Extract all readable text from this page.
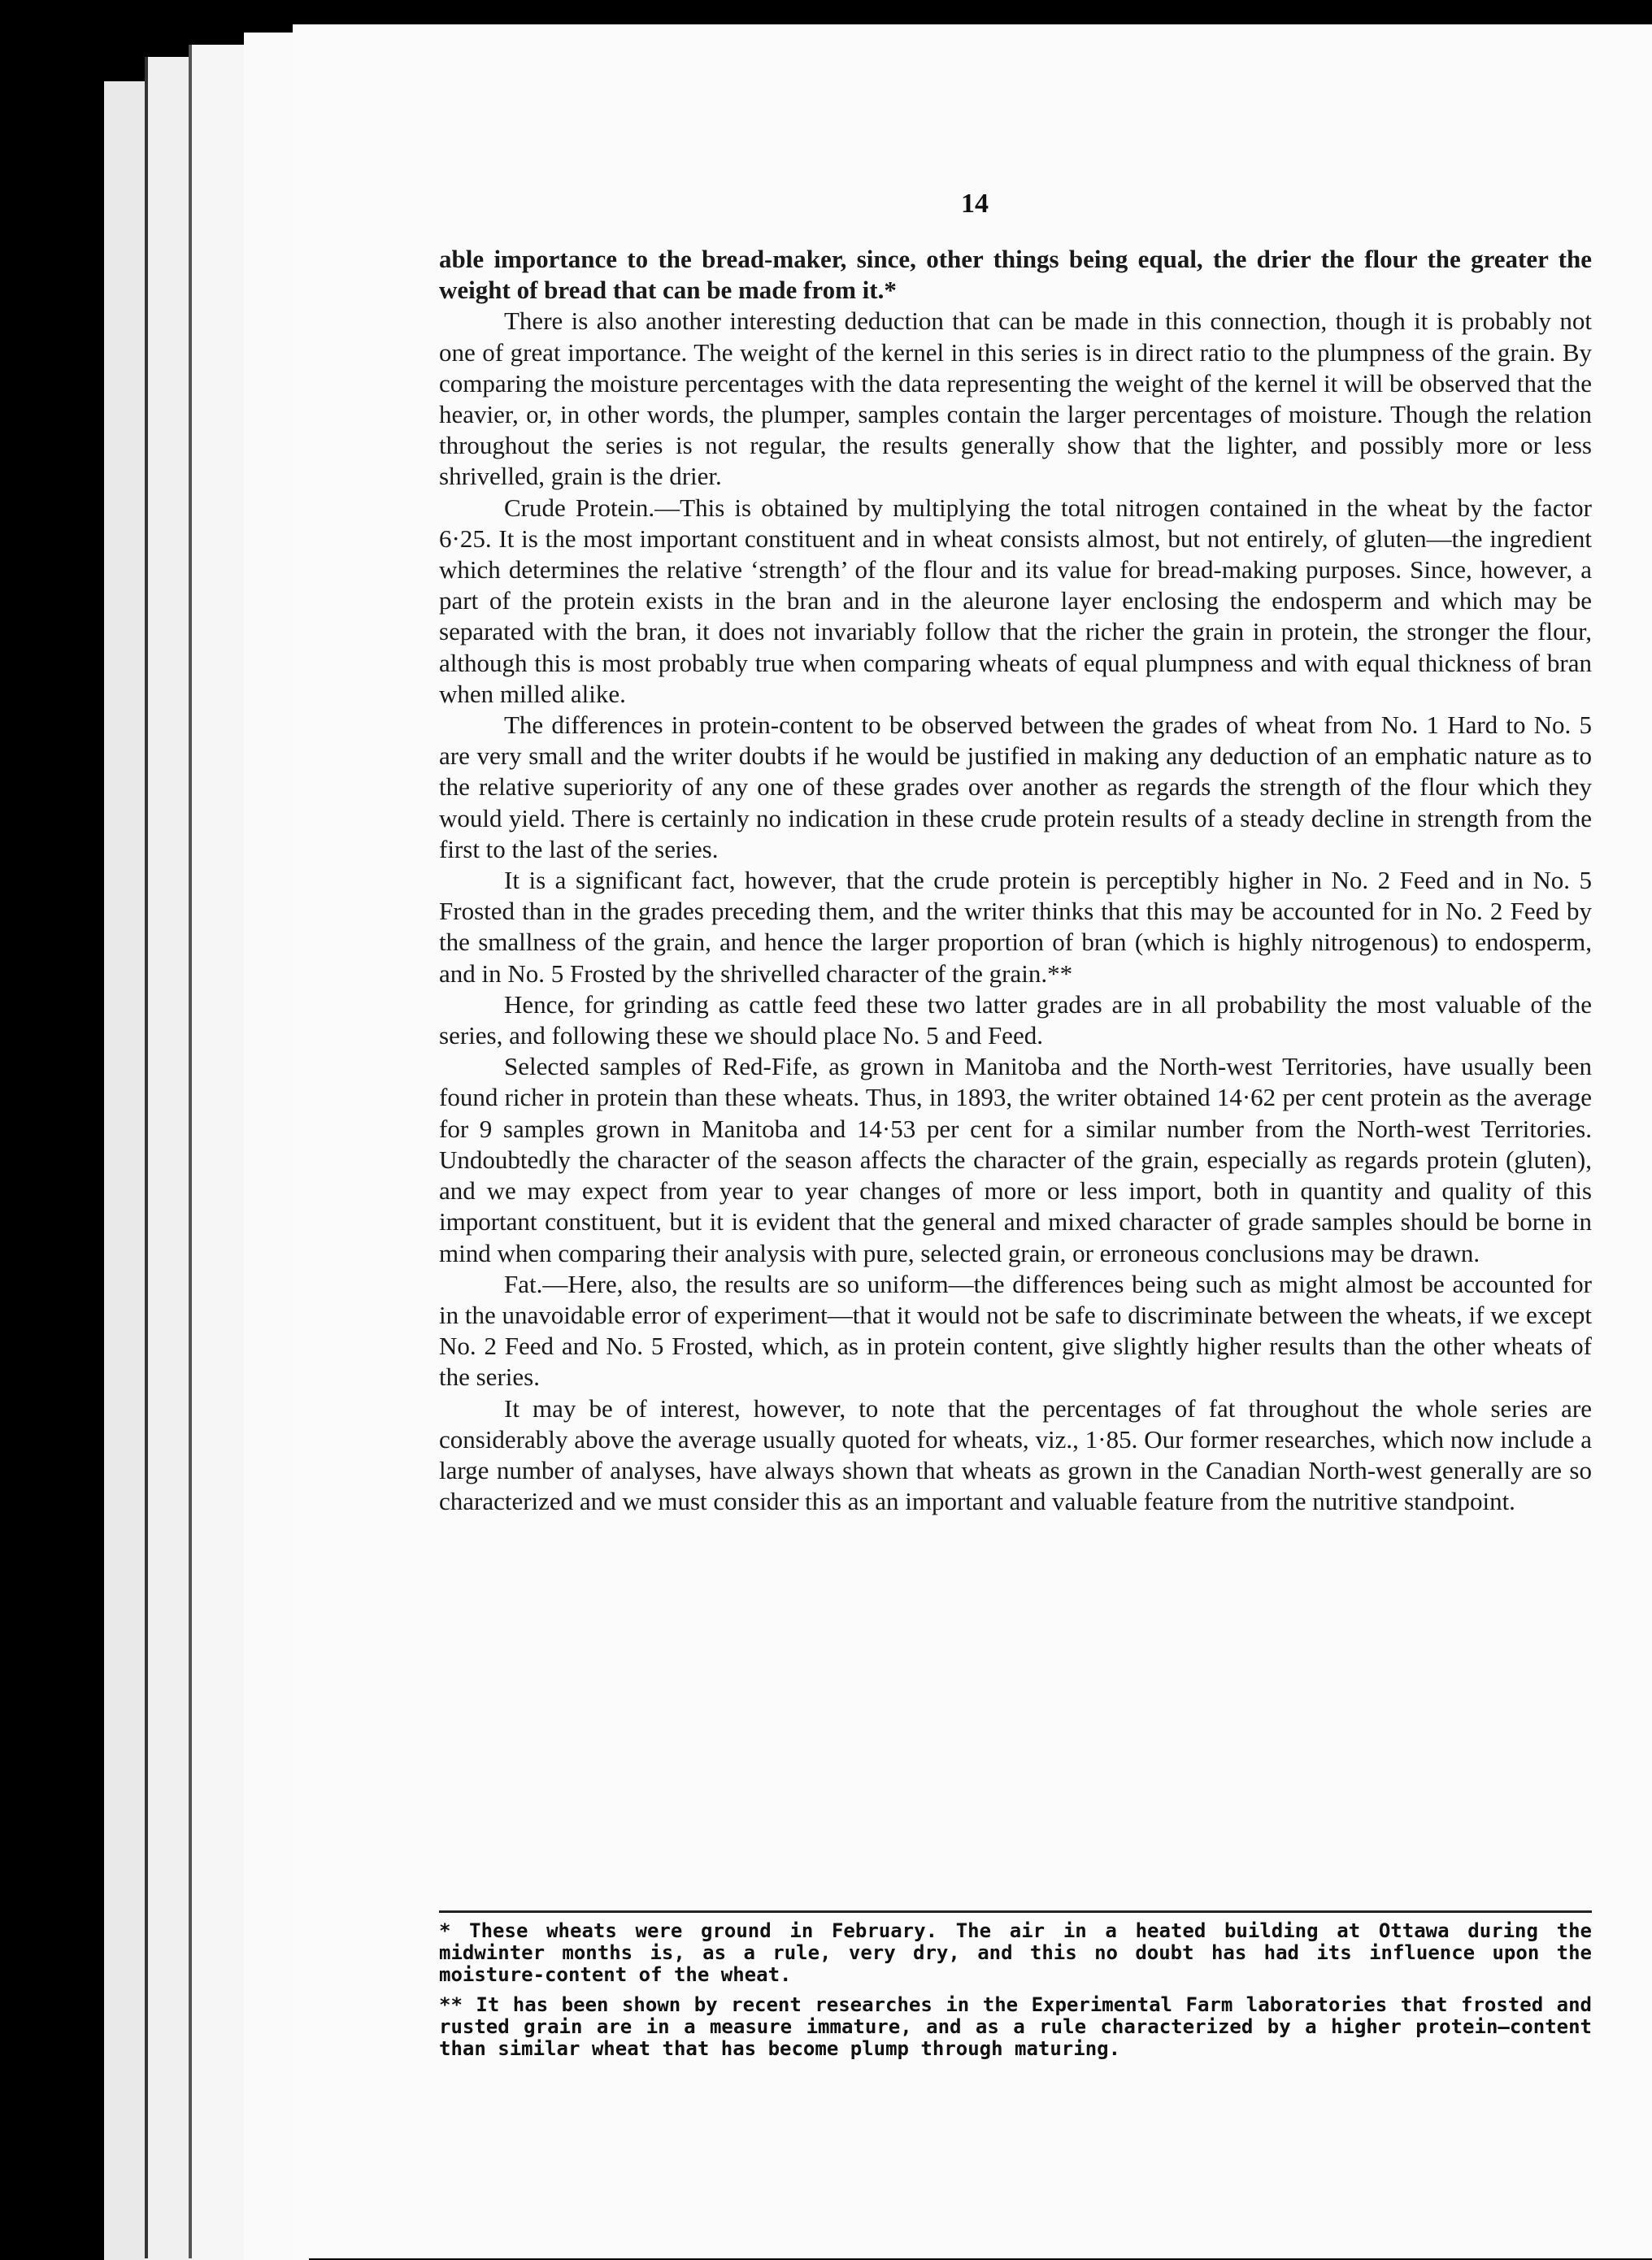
14

able importance to the bread-maker, since, other things being equal, the drier the flour the greater the weight of bread that can be made from it.*

There is also another interesting deduction that can be made in this connection, though it is probably not one of great importance. The weight of the kernel in this series is in direct ratio to the plumpness of the grain. By comparing the moisture percentages with the data representing the weight of the kernel it will be observed that the heavier, or, in other words, the plumper, samples contain the larger percentages of moisture. Though the relation throughout the series is not regular, the results generally show that the lighter, and possibly more or less shrivelled, grain is the drier.

Crude Protein.—This is obtained by multiplying the total nitrogen contained in the wheat by the factor 6·25. It is the most important constituent and in wheat consists almost, but not entirely, of gluten—the ingredient which determines the relative ‘strength’ of the flour and its value for bread-making purposes. Since, however, a part of the protein exists in the bran and in the aleurone layer enclosing the endosperm and which may be separated with the bran, it does not invariably follow that the richer the grain in protein, the stronger the flour, although this is most probably true when comparing wheats of equal plumpness and with equal thickness of bran when milled alike.

The differences in protein-content to be observed between the grades of wheat from No. 1 Hard to No. 5 are very small and the writer doubts if he would be justified in making any deduction of an emphatic nature as to the relative superiority of any one of these grades over another as regards the strength of the flour which they would yield. There is certainly no indication in these crude protein results of a steady decline in strength from the first to the last of the series.

It is a significant fact, however, that the crude protein is perceptibly higher in No. 2 Feed and in No. 5 Frosted than in the grades preceding them, and the writer thinks that this may be accounted for in No. 2 Feed by the smallness of the grain, and hence the larger proportion of bran (which is highly nitrogenous) to endosperm, and in No. 5 Frosted by the shrivelled character of the grain.**

Hence, for grinding as cattle feed these two latter grades are in all probability the most valuable of the series, and following these we should place No. 5 and Feed.

Selected samples of Red-Fife, as grown in Manitoba and the North-west Territories, have usually been found richer in protein than these wheats. Thus, in 1893, the writer obtained 14·62 per cent protein as the average for 9 samples grown in Manitoba and 14·53 per cent for a similar number from the North-west Territories. Undoubtedly the character of the season affects the character of the grain, especially as regards protein (gluten), and we may expect from year to year changes of more or less import, both in quantity and quality of this important constituent, but it is evident that the general and mixed character of grade samples should be borne in mind when comparing their analysis with pure, selected grain, or erroneous conclusions may be drawn.

Fat.—Here, also, the results are so uniform—the differences being such as might almost be accounted for in the unavoidable error of experiment—that it would not be safe to discriminate between the wheats, if we except No. 2 Feed and No. 5 Frosted, which, as in protein content, give slightly higher results than the other wheats of the series.

It may be of interest, however, to note that the percentages of fat throughout the whole series are considerably above the average usually quoted for wheats, viz., 1·85. Our former researches, which now include a large number of analyses, have always shown that wheats as grown in the Canadian North-west generally are so characterized and we must consider this as an important and valuable feature from the nutritive standpoint.

* These wheats were ground in February. The air in a heated building at Ottawa during the midwinter months is, as a rule, very dry, and this no doubt has had its influence upon the moisture-content of the wheat.

** It has been shown by recent researches in the Experimental Farm laboratories that frosted and rusted grain are in a measure immature, and as a rule characterized by a higher protein—content than similar wheat that has become plump through maturing.
